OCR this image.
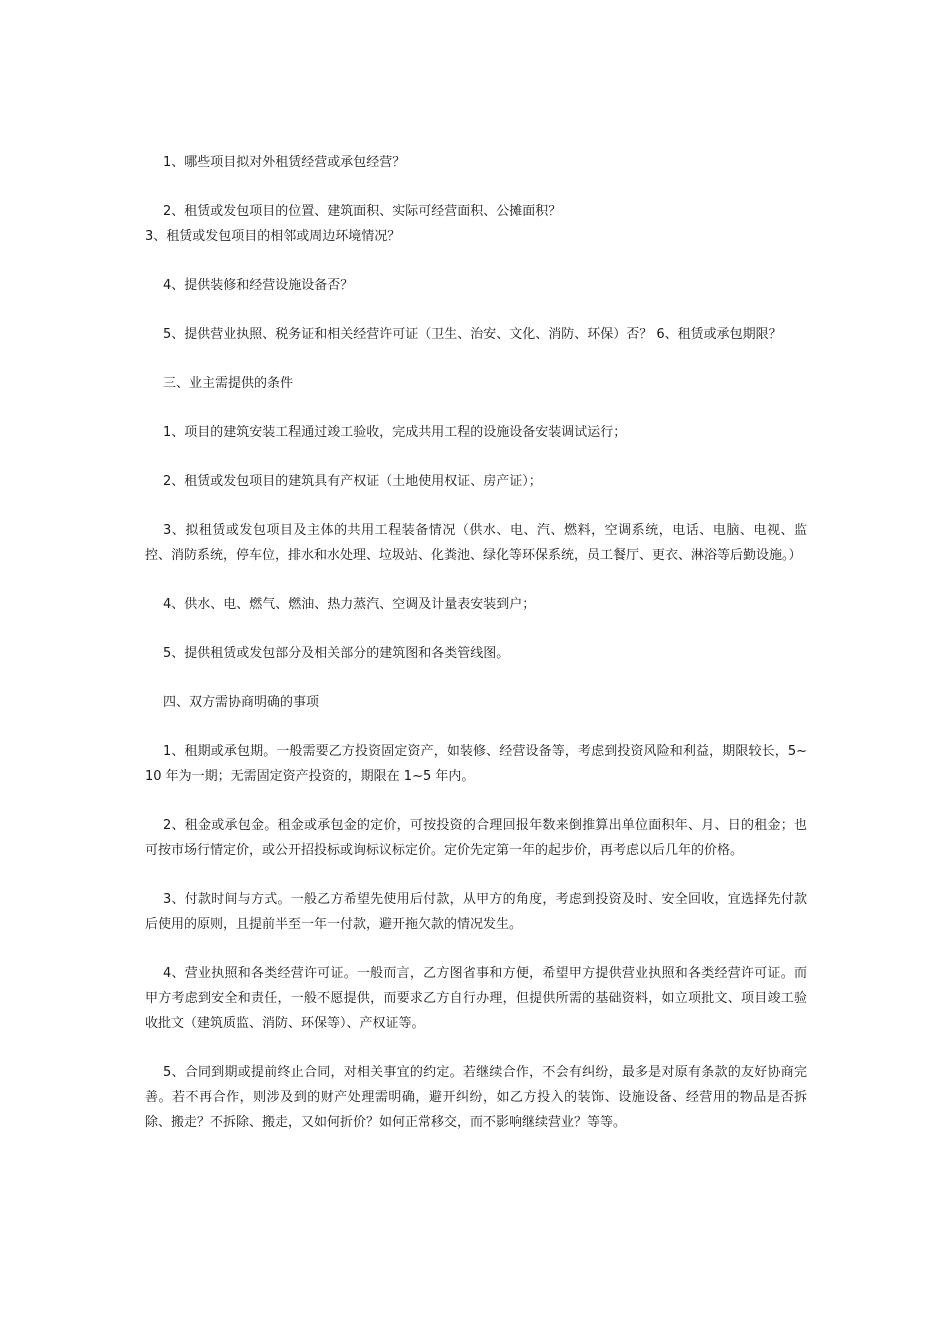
1、哪些项目拟对外租赁经营或承包经营？

2、租赁或发包项目的位置、建筑面积、实际可经营面积、公摊面积？

3、租赁或发包项目的相邻或周边环境情况？

4、提供装修和经营设施设备否？

5、提供营业执照、税务证和相关经营许可证（卫生、治安、文化、消防、环保）否？ 6、租赁或承包期限？

三、业主需提供的条件

1、项目的建筑安装工程通过竣工验收，完成共用工程的设施设备安装调试运行；

2、租赁或发包项目的建筑具有产权证（土地使用权证、房产证）；

3、拟租赁或发包项目及主体的共用工程装备情况（供水、电、汽、燃料，空调系统，电话、电脑、电视、监控、消防系统，停车位，排水和水处理、垃圾站、化粪池、绿化等环保系统，员工餐厅、更衣、淋浴等后勤设施。）

4、供水、电、燃气、燃油、热力蒸汽、空调及计量表安装到户；

5、提供租赁或发包部分及相关部分的建筑图和各类管线图。

四、双方需协商明确的事项

1、租期或承包期。一般需要乙方投资固定资产，如装修、经营设备等，考虑到投资风险和利益，期限较长，5~10 年为一期；无需固定资产投资的，期限在 1~5 年内。

2、租金或承包金。租金或承包金的定价，可按投资的合理回报年数来倒推算出单位面积年、月、日的租金；也可按市场行情定价，或公开招投标或询标议标定价。定价先定第一年的起步价，再考虑以后几年的价格。

3、付款时间与方式。一般乙方希望先使用后付款，从甲方的角度，考虑到投资及时、安全回收，宜选择先付款后使用的原则，且提前半至一年一付款，避开拖欠款的情况发生。

4、营业执照和各类经营许可证。一般而言，乙方图省事和方便，希望甲方提供营业执照和各类经营许可证。而甲方考虑到安全和责任，一般不愿提供，而要求乙方自行办理，但提供所需的基础资料，如立项批文、项目竣工验收批文（建筑质监、消防、环保等）、产权证等。

5、合同到期或提前终止合同，对相关事宜的约定。若继续合作，不会有纠纷，最多是对原有条款的友好协商完善。若不再合作，则涉及到的财产处理需明确，避开纠纷，如乙方投入的装饰、设施设备、经营用的物品是否拆除、搬走？不拆除、搬走，又如何折价？如何正常移交，而不影响继续营业？等等。
